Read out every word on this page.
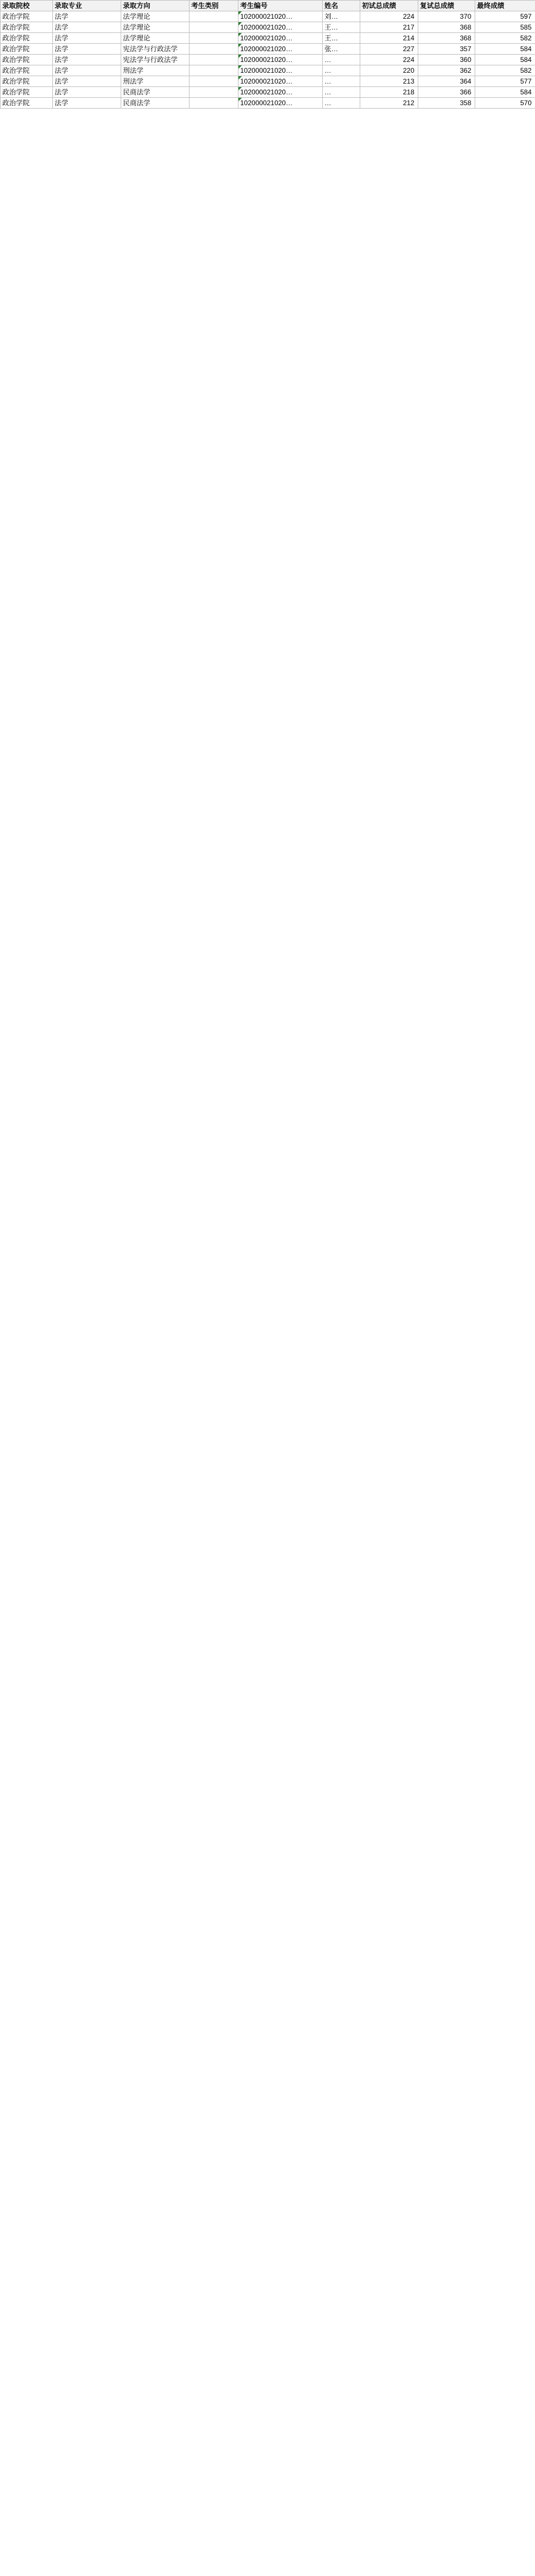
录取院校	录取专业	录取方向	考生类别	考生编号	姓名	初试总成绩	复试总成绩	最终成绩
政治学院	法学	法学理论		102000021020…	刘…	224	370	597
政治学院	法学	法学理论		102000021020…	王…	217	368	585
政治学院	法学	法学理论		102000021020…	王…	214	368	582
政治学院	法学	宪法学与行政法学		102000021020…	张…	227	357	584
政治学院	法学	宪法学与行政法学		102000021020…	…	224	360	584
政治学院	法学	刑法学		102000021020…	…	220	362	582
政治学院	法学	刑法学		102000021020…	…	213	364	577
政治学院	法学	民商法学		102000021020…	…	218	366	584
政治学院	法学	民商法学		102000021020…	…	212	358	570
